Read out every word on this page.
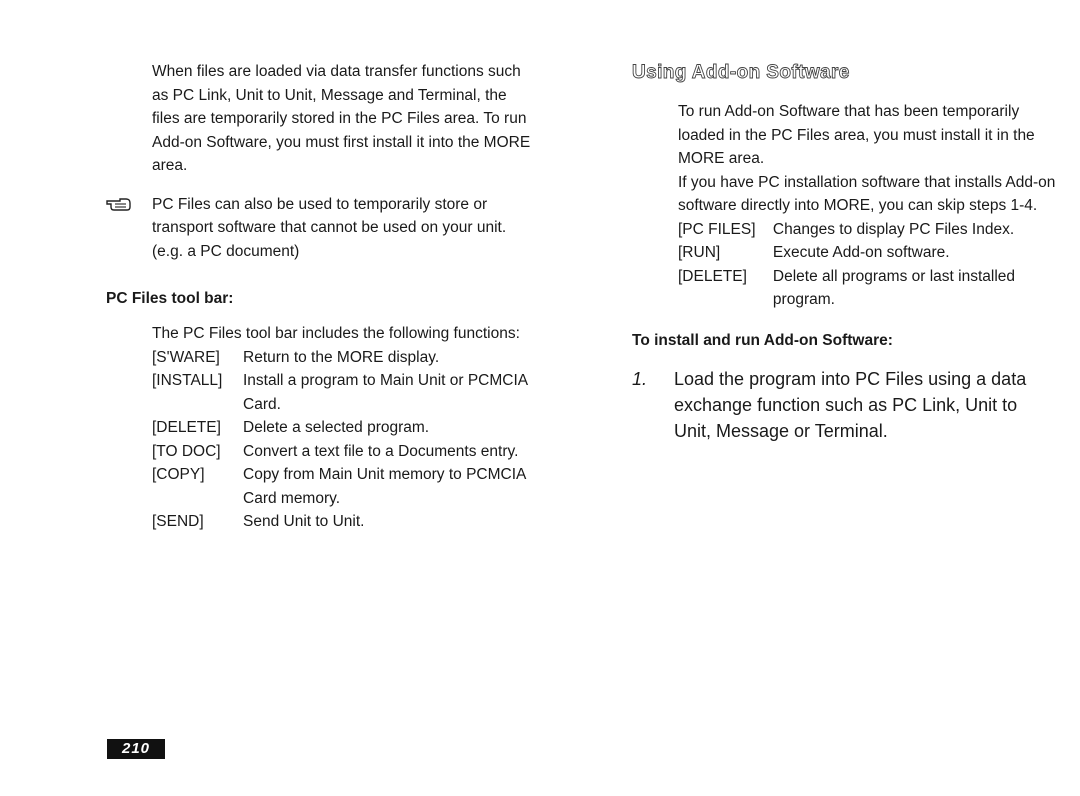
When files are loaded via data transfer functions such as PC Link, Unit to Unit, Message and Terminal, the files are temporarily stored in the PC Files area. To run Add-on Software, you must first install it into the MORE area.
PC Files can also be used to temporarily store or transport software that cannot be used on your unit. (e.g. a PC document)
PC Files tool bar:
The PC Files tool bar includes the following functions:
[S'WARE]	Return to the MORE display.
[INSTALL]	Install a program to Main Unit or PCMCIA Card.
[DELETE]	Delete a selected program.
[TO DOC]	Convert a text file to a Documents entry.
[COPY]	Copy from Main Unit memory to PCMCIA Card memory.
[SEND]	Send Unit to Unit.
Using Add-on Software
To run Add-on Software that has been temporarily loaded in the PC Files area, you must install it in the MORE area.
If you have PC installation software that installs Add-on software directly into MORE, you can skip steps 1-4.
[PC FILES]	Changes to display PC Files Index.
[RUN]	Execute Add-on software.
[DELETE]	Delete all programs or last installed program.
To install and run Add-on Software:
1. Load the program into PC Files using a data exchange function such as PC Link, Unit to Unit, Message or Terminal.
210
